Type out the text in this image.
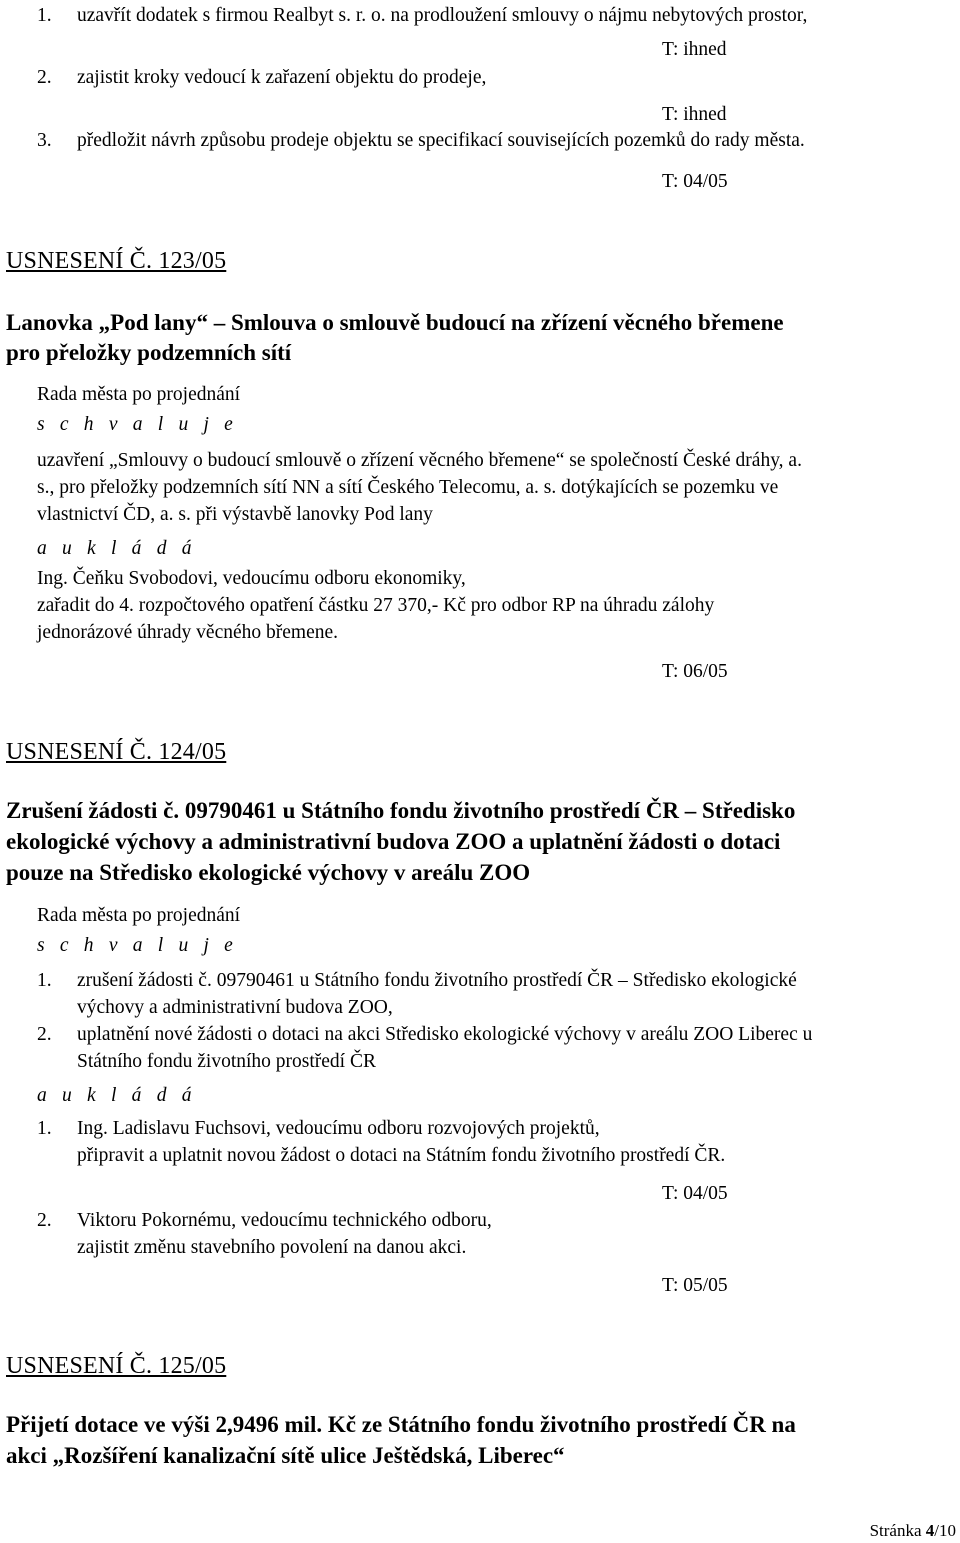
1. uzavřít dodatek s firmou Realbyt s. r. o. na prodloužení smlouvy o nájmu nebytových prostor,
T: ihned
2. zajistit kroky vedoucí k zařazení objektu do prodeje,
T: ihned
3. předložit návrh způsobu prodeje objektu se specifikací souvisejících pozemků do rady města.
T: 04/05
USNESENÍ Č. 123/05
Lanovka „Pod lany“ – Smlouva o smlouvě budoucí na zřízení věcného břemene
pro přeložky podzemních sítí
Rada města po projednání
s c h v a l u j e
uzavření „Smlouvy o budoucí smlouvě o zřízení věcného břemene“ se společností České dráhy, a.
s., pro přeložky podzemních sítí NN a sítí Českého Telecomu, a. s. dotýkajících se pozemku ve
vlastnictví ČD, a. s. při výstavbě lanovky Pod lany
a u k l á d á
Ing. Čeňku Svobodovi, vedoucímu odboru ekonomiky,
zařadit do 4. rozpočtového opatření částku 27 370,- Kč pro odbor RP na úhradu zálohy
jednorázové úhrady věcného břemene.
T: 06/05
USNESENÍ Č. 124/05
Zrušení žádosti č. 09790461 u Státního fondu životního prostředí ČR – Středisko
ekologické výchovy a administrativní budova ZOO a uplatnění žádosti o dotaci
pouze na Středisko ekologické výchovy v areálu ZOO
Rada města po projednání
s c h v a l u j e
1. zrušení žádosti č. 09790461 u Státního fondu životního prostředí ČR – Středisko ekologické
výchovy a administrativní budova ZOO,
2. uplatnění nové žádosti o dotaci na akci Středisko ekologické výchovy v areálu ZOO Liberec u
Státního fondu životního prostředí ČR
a u k l á d á
1. Ing. Ladislavu Fuchsovi, vedoucímu odboru rozvojových projektů,
připravit a uplatnit novou žádost o dotaci na Státním fondu životního prostředí ČR.
T: 04/05
2. Viktoru Pokornému, vedoucímu technického odboru,
zajistit změnu stavebního povolení na danou akci.
T: 05/05
USNESENÍ Č. 125/05
Přijetí dotace ve výši 2,9496 mil. Kč ze Státního fondu životního prostředí ČR na
akci „Rozšíření kanalizační sítě ulice Ještědská, Liberec“
Stránka 4/10
